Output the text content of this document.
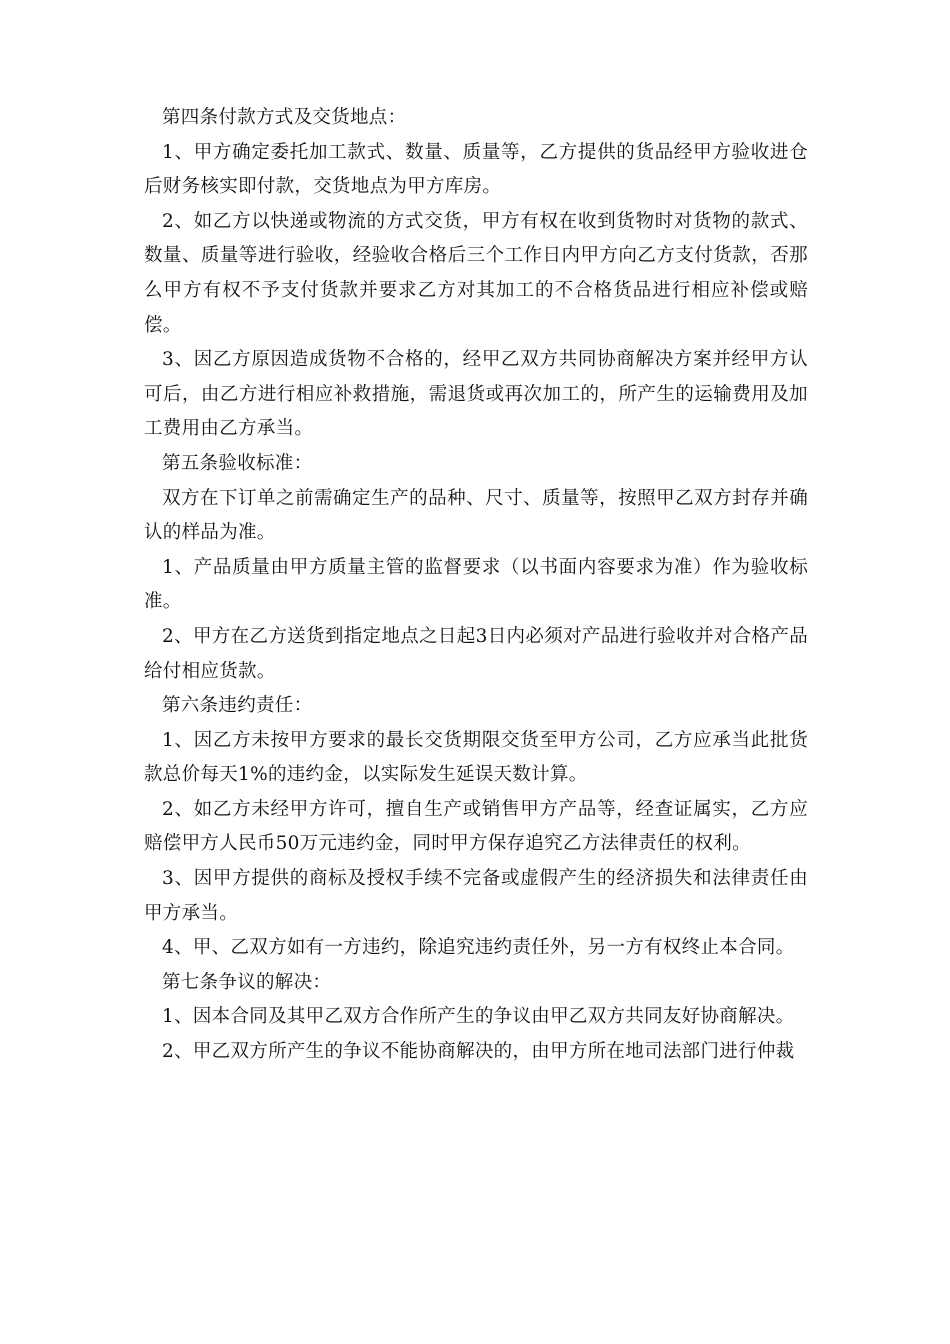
第四条付款方式及交货地点：

1、甲方确定委托加工款式、数量、质量等，乙方提供的货品经甲方验收进仓后财务核实即付款，交货地点为甲方库房。

2、如乙方以快递或物流的方式交货，甲方有权在收到货物时对货物的款式、数量、质量等进行验收，经验收合格后三个工作日内甲方向乙方支付货款，否那么甲方有权不予支付货款并要求乙方对其加工的不合格货品进行相应补偿或赔偿。

3、因乙方原因造成货物不合格的，经甲乙双方共同协商解决方案并经甲方认可后，由乙方进行相应补救措施，需退货或再次加工的，所产生的运输费用及加工费用由乙方承当。

第五条验收标准：

双方在下订单之前需确定生产的品种、尺寸、质量等，按照甲乙双方封存并确认的样品为准。

1、产品质量由甲方质量主管的监督要求（以书面内容要求为准）作为验收标准。

2、甲方在乙方送货到指定地点之日起3日内必须对产品进行验收并对合格产品给付相应货款。

第六条违约责任：

1、因乙方未按甲方要求的最长交货期限交货至甲方公司，乙方应承当此批货款总价每天1%的违约金，以实际发生延误天数计算。

2、如乙方未经甲方许可，擅自生产或销售甲方产品等，经查证属实，乙方应赔偿甲方人民币50万元违约金，同时甲方保存追究乙方法律责任的权利。

3、因甲方提供的商标及授权手续不完备或虚假产生的经济损失和法律责任由甲方承当。

4、甲、乙双方如有一方违约，除追究违约责任外，另一方有权终止本合同。

第七条争议的解决：

1、因本合同及其甲乙双方合作所产生的争议由甲乙双方共同友好协商解决。

2、甲乙双方所产生的争议不能协商解决的，由甲方所在地司法部门进行仲裁
